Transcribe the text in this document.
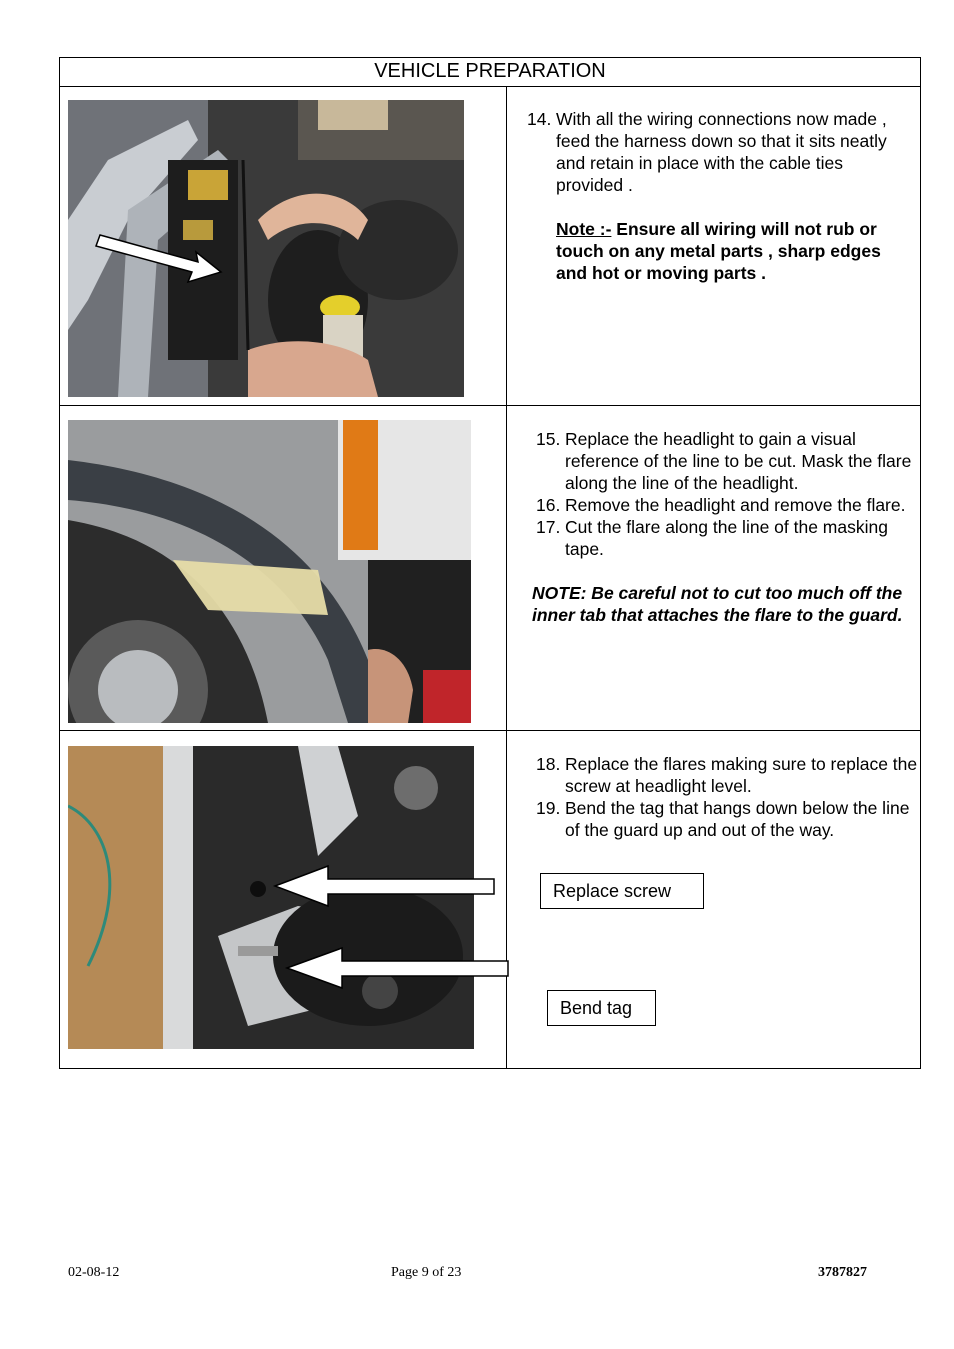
VEHICLE PREPARATION
14. With all the wiring connections now made , feed the harness down so that it sits neatly and retain in place with the cable ties provided .
Note :- Ensure all wiring will not rub or touch on any metal parts , sharp edges and hot or moving parts .
15. Replace the headlight to gain a visual reference of the line to be cut. Mask the flare along the line of the headlight.
16. Remove the headlight and remove the flare.
17. Cut the flare along the line of the masking tape.
NOTE: Be careful not to cut too much off the inner tab that attaches the flare to the guard.
18. Replace the flares making sure to replace the screw at headlight level.
19. Bend the tag that hangs down below the line of the guard up and out of the way.
Replace screw
Bend tag
02-08-12	Page 9 of 23	3787827
